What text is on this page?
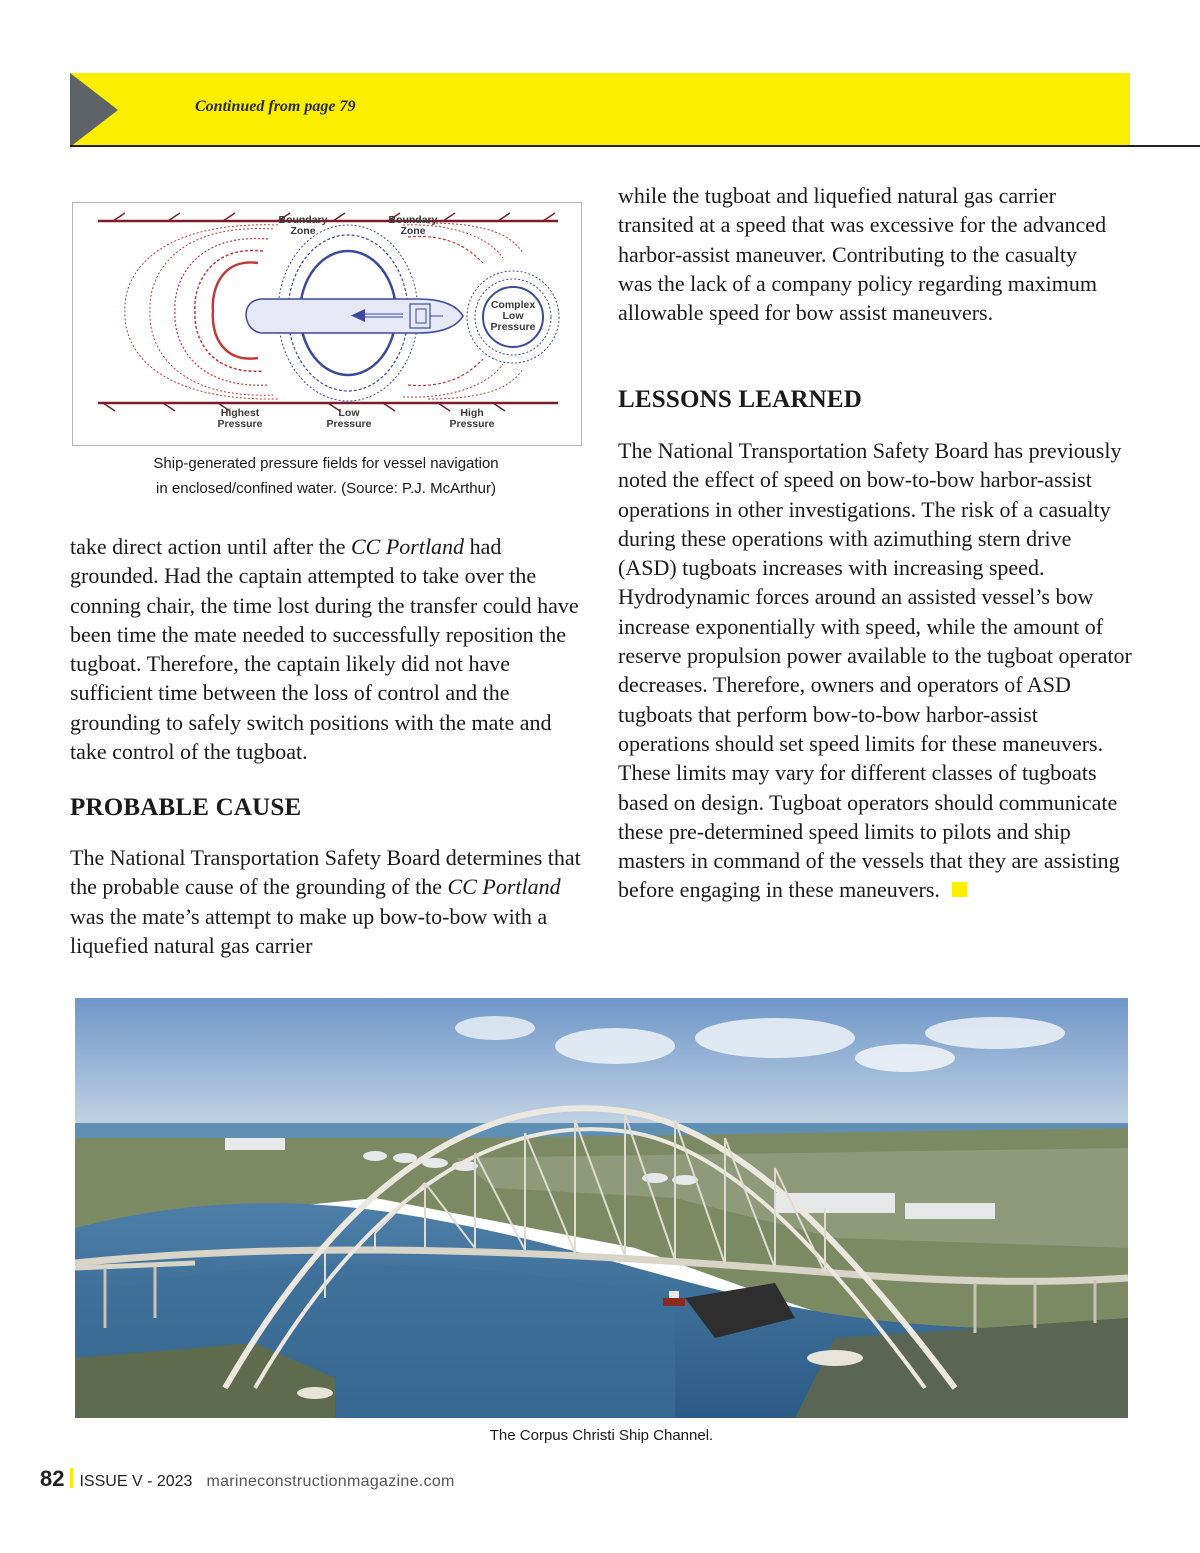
Continued from page 79
Boundary Zone
Boundary Zone
Complex Low Pressure
Highest Pressure
Low Pressure
High Pressure
Ship-generated pressure fields for vessel navigation
in enclosed/confined water. (Source: P.J. McArthur)

take direct action until after the CC Portland had grounded. Had the captain attempted to take over the conning chair, the time lost during the transfer could have been time the mate needed to successfully reposition the tugboat. Therefore, the captain likely did not have sufficient time between the loss of control and the grounding to safely switch positions with the mate and take control of the tugboat.

PROBABLE CAUSE

The National Transportation Safety Board determines that the probable cause of the grounding of the CC Portland was the mate’s attempt to make up bow-to-bow with a liquefied natural gas carrier

while the tugboat and liquefied natural gas carrier transited at a speed that was excessive for the advanced harbor-assist maneuver. Contributing to the casualty was the lack of a company policy regarding maximum allowable speed for bow assist maneuvers.

LESSONS LEARNED

The National Transportation Safety Board has previously noted the effect of speed on bow-to-bow harbor-assist operations in other investigations. The risk of a casualty during these operations with azimuthing stern drive (ASD) tugboats increases with increasing speed. Hydrodynamic forces around an assisted vessel’s bow increase exponentially with speed, while the amount of reserve propulsion power available to the tugboat operator decreases. Therefore, owners and operators of ASD tugboats that perform bow-to-bow harbor-assist operations should set speed limits for these maneuvers. These limits may vary for different classes of tugboats based on design. Tugboat operators should communicate these pre-determined speed limits to pilots and ship masters in command of the vessels that they are assisting before engaging in these maneuvers.

The Corpus Christi Ship Channel.
82 ISSUE V - 2023 marineconstructionmagazine.com
